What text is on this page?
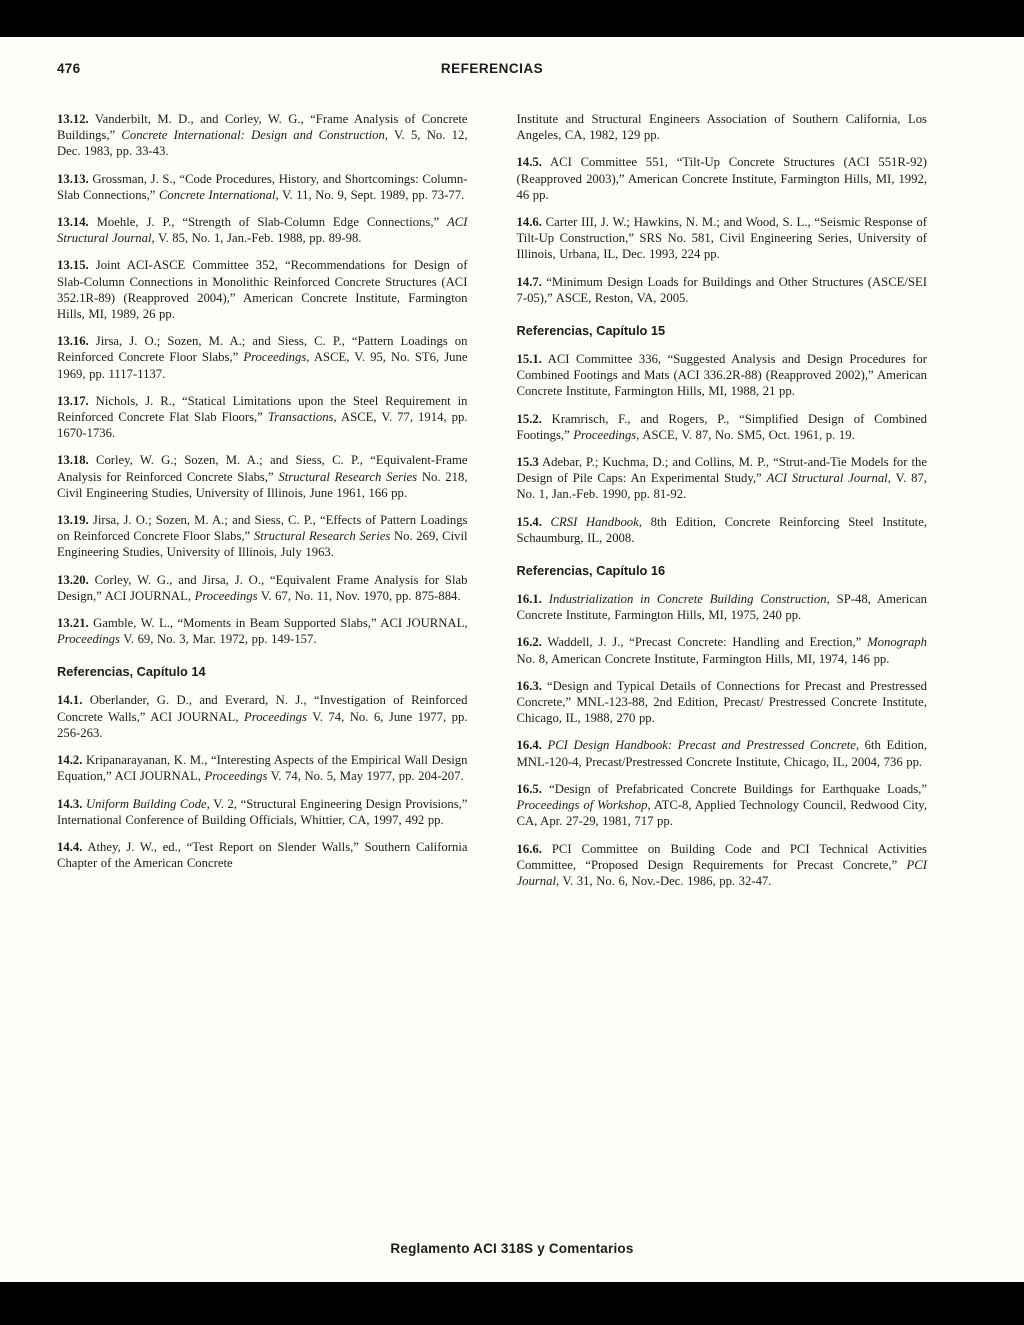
476	REFERENCIAS

13.12. Vanderbilt, M. D., and Corley, W. G., “Frame Analysis of Concrete Buildings,” Concrete International: Design and Construction, V. 5, No. 12, Dec. 1983, pp. 33-43.

13.13. Grossman, J. S., “Code Procedures, History, and Shortcomings: Column-Slab Connections,” Concrete International, V. 11, No. 9, Sept. 1989, pp. 73-77.

13.14. Moehle, J. P., “Strength of Slab-Column Edge Connections,” ACI Structural Journal, V. 85, No. 1, Jan.-Feb. 1988, pp. 89-98.

13.15. Joint ACI-ASCE Committee 352, “Recommendations for Design of Slab-Column Connections in Monolithic Reinforced Concrete Structures (ACI 352.1R-89) (Reapproved 2004),” American Concrete Institute, Farmington Hills, MI, 1989, 26 pp.

13.16. Jirsa, J. O.; Sozen, M. A.; and Siess, C. P., “Pattern Loadings on Reinforced Concrete Floor Slabs,” Proceedings, ASCE, V. 95, No. ST6, June 1969, pp. 1117-1137.

13.17. Nichols, J. R., “Statical Limitations upon the Steel Requirement in Reinforced Concrete Flat Slab Floors,” Transactions, ASCE, V. 77, 1914, pp. 1670-1736.

13.18. Corley, W. G.; Sozen, M. A.; and Siess, C. P., “Equivalent-Frame Analysis for Reinforced Concrete Slabs,” Structural Research Series No. 218, Civil Engineering Studies, University of Illinois, June 1961, 166 pp.

13.19. Jirsa, J. O.; Sozen, M. A.; and Siess, C. P., “Effects of Pattern Loadings on Reinforced Concrete Floor Slabs,” Structural Research Series No. 269, Civil Engineering Studies, University of Illinois, July 1963.

13.20. Corley, W. G., and Jirsa, J. O., “Equivalent Frame Analysis for Slab Design,” ACI JOURNAL, Proceedings V. 67, No. 11, Nov. 1970, pp. 875-884.

13.21. Gamble, W. L., “Moments in Beam Supported Slabs,” ACI JOURNAL, Proceedings V. 69, No. 3, Mar. 1972, pp. 149-157.

Referencias, Capítulo 14

14.1. Oberlander, G. D., and Everard, N. J., “Investigation of Reinforced Concrete Walls,” ACI JOURNAL, Proceedings V. 74, No. 6, June 1977, pp. 256-263.

14.2. Kripanarayanan, K. M., “Interesting Aspects of the Empirical Wall Design Equation,” ACI JOURNAL, Proceedings V. 74, No. 5, May 1977, pp. 204-207.

14.3. Uniform Building Code, V. 2, “Structural Engineering Design Provisions,” International Conference of Building Officials, Whittier, CA, 1997, 492 pp.

14.4. Athey, J. W., ed., “Test Report on Slender Walls,” Southern California Chapter of the American Concrete

Institute and Structural Engineers Association of Southern California, Los Angeles, CA, 1982, 129 pp.

14.5. ACI Committee 551, “Tilt-Up Concrete Structures (ACI 551R-92) (Reapproved 2003),” American Concrete Institute, Farmington Hills, MI, 1992, 46 pp.

14.6. Carter III, J. W.; Hawkins, N. M.; and Wood, S. L., “Seismic Response of Tilt-Up Construction,” SRS No. 581, Civil Engineering Series, University of Illinois, Urbana, IL, Dec. 1993, 224 pp.

14.7. “Minimum Design Loads for Buildings and Other Structures (ASCE/SEI 7-05),” ASCE, Reston, VA, 2005.

Referencias, Capítulo 15

15.1. ACI Committee 336, “Suggested Analysis and Design Procedures for Combined Footings and Mats (ACI 336.2R-88) (Reapproved 2002),” American Concrete Institute, Farmington Hills, MI, 1988, 21 pp.

15.2. Kramrisch, F., and Rogers, P., “Simplified Design of Combined Footings,” Proceedings, ASCE, V. 87, No. SM5, Oct. 1961, p. 19.

15.3 Adebar, P.; Kuchma, D.; and Collins, M. P., “Strut-and-Tie Models for the Design of Pile Caps: An Experimental Study,” ACI Structural Journal, V. 87, No. 1, Jan.-Feb. 1990, pp. 81-92.

15.4. CRSI Handbook, 8th Edition, Concrete Reinforcing Steel Institute, Schaumburg, IL, 2008.

Referencias, Capítulo 16

16.1. Industrialization in Concrete Building Construction, SP-48, American Concrete Institute, Farmington Hills, MI, 1975, 240 pp.

16.2. Waddell, J. J., “Precast Concrete: Handling and Erection,” Monograph No. 8, American Concrete Institute, Farmington Hills, MI, 1974, 146 pp.

16.3. “Design and Typical Details of Connections for Precast and Prestressed Concrete,” MNL-123-88, 2nd Edition, Precast/ Prestressed Concrete Institute, Chicago, IL, 1988, 270 pp.

16.4. PCI Design Handbook: Precast and Prestressed Concrete, 6th Edition, MNL-120-4, Precast/Prestressed Concrete Institute, Chicago, IL, 2004, 736 pp.

16.5. “Design of Prefabricated Concrete Buildings for Earthquake Loads,” Proceedings of Workshop, ATC-8, Applied Technology Council, Redwood City, CA, Apr. 27-29, 1981, 717 pp.

16.6. PCI Committee on Building Code and PCI Technical Activities Committee, “Proposed Design Requirements for Precast Concrete,” PCI Journal, V. 31, No. 6, Nov.-Dec. 1986, pp. 32-47.

Reglamento ACI 318S y Comentarios
